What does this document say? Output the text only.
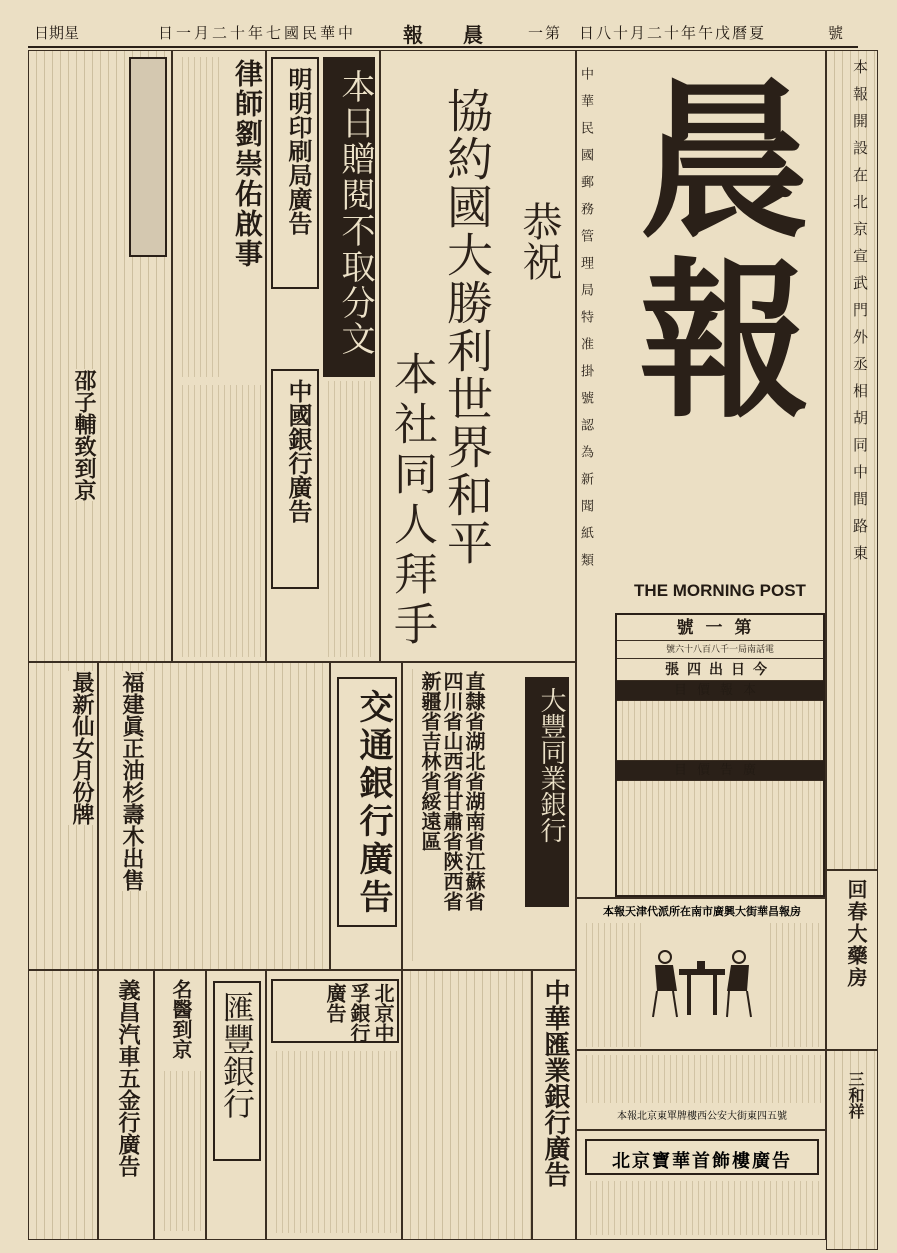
日期星	日一月二十年七國民華中 報　　晨	一第　日八十月二十年午戊曆夏	號
本報開設在北京宣武門外丞相胡同中間路東
回春大藥房
三和祥
中華民國郵務管理局特准掛號認為新聞紙類 晨報
THE MORNING POST
號一第
號六十八百八千一局南話電
張四出日今
目價報本
目價告廣
恭祝
協約國大勝利世界和平
本社同人拜手
明明印刷局廣告 本日贈閱不取分文
中國銀行廣告
律師劉崇佑啟事
邵子輔致到京
最新仙女月份牌 福建眞正油杉壽木出售	交通銀行廣告	直隸省湖北省湖南省江蘇省四川省山西省甘肅省陝西省新疆省吉林省綏遠區	大豐同業銀行
本報天津代派所在南市廣興大街華昌報房
義昌汽車五金行廣告 名醫到京 匯豐銀行	北京中孚銀行廣告	中華匯業銀行廣告	本報北京東單牌樓西公安大街東四五號
北京寶華首飾樓廣告
